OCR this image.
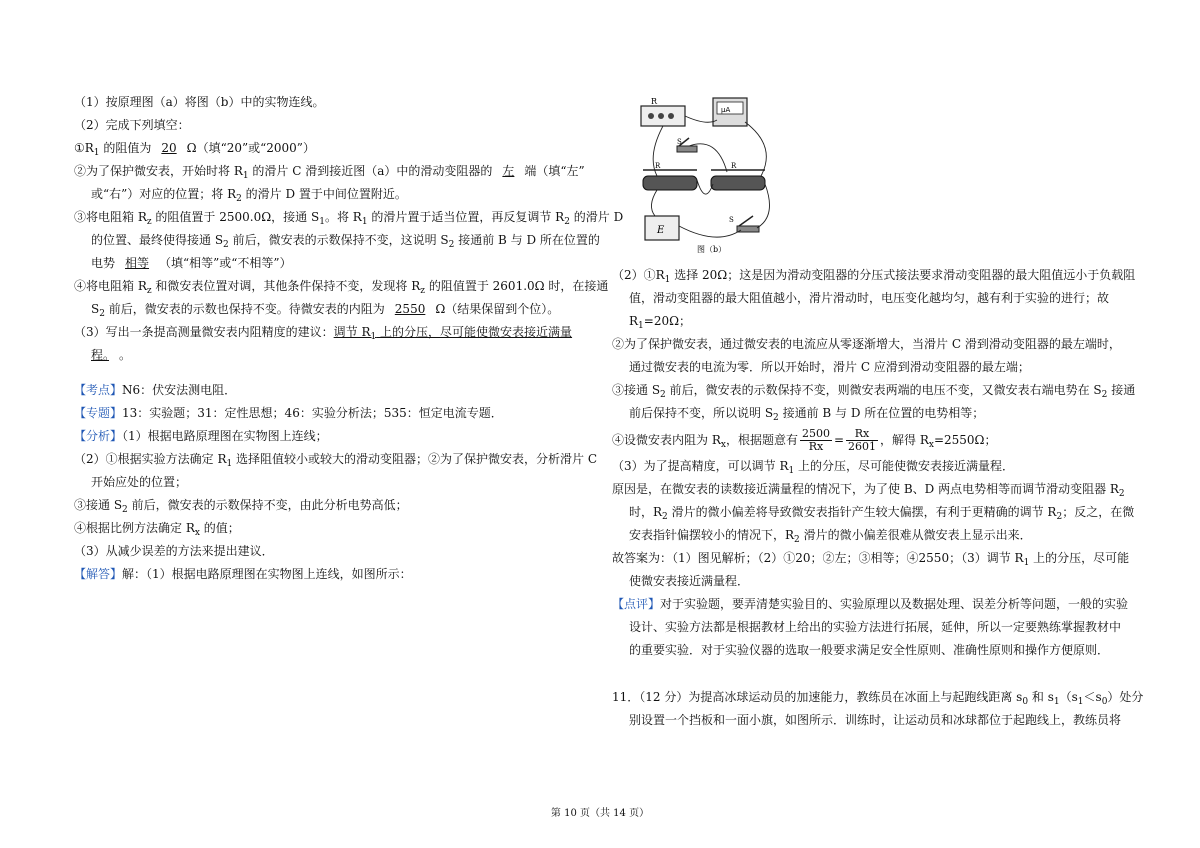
（1）按原理图（a）将图（b）中的实物连线。
（2）完成下列填空：
$①R_1$ 的阻值为 20 Ω（填“20”或“2000”）
②为了保护微安表，开始时将 $R_1$ 的滑片 C 滑到接近图（a）中的滑动变阻器的 左 端（填“左”
或“右”）对应的位置；将 $R_2$ 的滑片 D 置于中间位置附近。
③将电阻箱 $R_z$ 的阻值置于 2500.0Ω，接通 $S_1$。将 $R_1$ 的滑片置于适当位置，再反复调节 $R_2$ 的滑片 D
的位置、最终使得接通 $S_2$ 前后，微安表的示数保持不变，这说明 $S_2$ 接通前 B 与 D 所在位置的
电势 相等 （填“相等”或“不相等”）
④将电阻箱 $R_z$ 和微安表位置对调，其他条件保持不变，发现将 $R_z$ 的阻值置于 2601.0Ω 时，在接通
$S_2$ 前后，微安表的示数也保持不变。待微安表的内阻为 2550 Ω（结果保留到个位）。
（3）写出一条提高测量微安表内阻精度的建议：调节 $R_1$ 上的分压，尽可能使微安表接近满量
程。 。
【考点】N6：伏安法测电阻．
【专题】13：实验题；31：定性思想；46：实验分析法；535：恒定电流专题．
【分析】（1）根据电路原理图在实物图上连线；
（2）①根据实验方法确定 $R_1$ 选择阻值较小或较大的滑动变阻器；②为了保护微安表，分析滑片 C
开始应处的位置；
③接通 $S_2$ 前后，微安表的示数保持不变，由此分析电势高低；
④根据比例方法确定 $R_x$ 的值；
（3）从减少误差的方法来提出建议．
【解答】解：（1）根据电路原理图在实物图上连线，如图所示：
R
μA
S
R	R
E
S
图（b）
$(2)①R_1$ 选择 20Ω；这是因为滑动变阻器的分压式接法要求滑动变阻器的最大阻值远小于负载阻
值，滑动变阻器的最大阻值越小，滑片滑动时，电压变化越均匀，越有利于实验的进行；故
$R_1=20\Omega$；
②为了保护微安表，通过微安表的电流应从零逐渐增大，当滑片 C 滑到滑动变阻器的最左端时，
通过微安表的电流为零．所以开始时，滑片 C 应滑到滑动变阻器的最左端；
③接通 $S_2$ 前后，微安表的示数保持不变，则微安表两端的电压不变，又微安表右端电势在 $S_2$ 接通
前后保持不变，所以说明 $S_2$ 接通前 B 与 D 所在位置的电势相等；
④设微安表内阻为 $R_x$，根据题意有 $\frac{2500}{Rx} = \frac{Rx}{2601}$ ，解得 $R_x=2550\Omega$；
（3）为了提高精度，可以调节 $R_1$ 上的分压，尽可能使微安表接近满量程．
原因是，在微安表的读数接近满量程的情况下，为了使 B、D 两点电势相等而调节滑动变阻器 $R_2$
时，$R_2$ 滑片的微小偏差将导致微安表指针产生较大偏摆，有利于更精确的调节 $R_2$；反之，在微
安表指针偏摆较小的情况下，$R_2$ 滑片的微小偏差很难从微安表上显示出来．
故答案为：（1）图见解析；（2）①20；②左；③相等；④2550；（3）调节 $R_1$ 上的分压，尽可能
使微安表接近满量程．
【点评】对于实验题，要弄清楚实验目的、实验原理以及数据处理、误差分析等问题，一般的实验
设计、实验方法都是根据教材上给出的实验方法进行拓展，延伸，所以一定要熟练掌握教材中
的重要实验．对于实验仪器的选取一般要求满足安全性原则、准确性原则和操作方便原则．
11．（12 分）为提高冰球运动员的加速能力，教练员在冰面上与起跑线距离 $s_0$ 和 $s_1(s_1<s_0)$处分
别设置一个挡板和一面小旗，如图所示．训练时，让运动员和冰球都位于起跑线上，教练员将
第 10 页（共 14 页）
